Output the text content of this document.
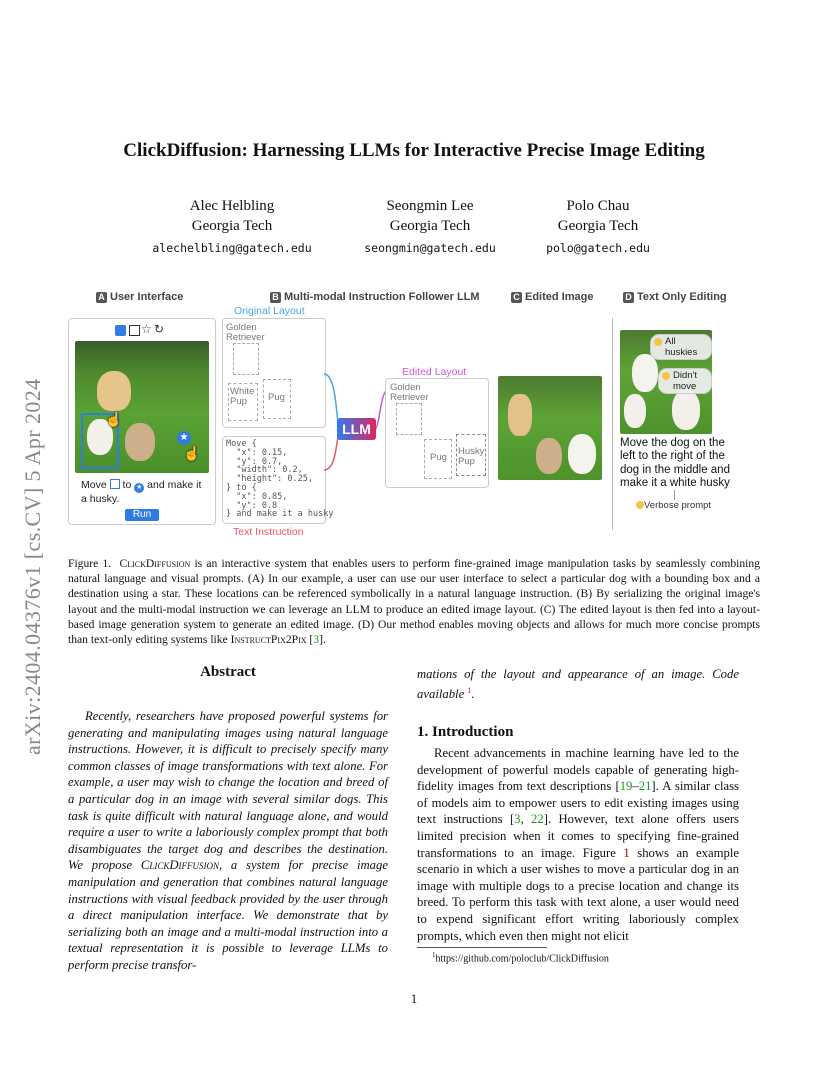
arXiv:2404.04376v1 [cs.CV] 5 Apr 2024
ClickDiffusion: Harnessing LLMs for Interactive Precise Image Editing
Alec Helbling
Georgia Tech
alechelbling@gatech.edu
Seongmin Lee
Georgia Tech
seongmin@gatech.edu
Polo Chau
Georgia Tech
polo@gatech.edu
A User Interface	B Multi-modal Instruction Follower LLM	C Edited Image	D Text Only Editing
☆ ↻
★
☝
☝
Move to ★ and make it a husky.
Run
Original Layout
Golden Retriever
White Pup	Pug
Move {
"x": 0.15,
"y": 0.7,
"width": 0.2,
"height": 0.25,
} to {
"x": 0.85,
"y": 0.8
} and make it a husky
Text Instruction
LLM
Edited Layout
Golden Retriever
Pug
Husky Pup
All huskies
Didn't move
Move the dog on the left to the right of the dog in the middle and make it a white husky
Verbose prompt
Figure 1. ClickDiffusion is an interactive system that enables users to perform fine-grained image manipulation tasks by seamlessly combining natural language and visual prompts. (A) In our example, a user can use our user interface to select a particular dog with a bounding box and a destination using a star. These locations can be referenced symbolically in a natural language instruction. (B) By serializing the original image's layout and the multi-modal instruction we can leverage an LLM to produce an edited image layout. (C) The edited layout is then fed into a layout-based image generation system to generate an edited image. (D) Our method enables moving objects and allows for much more concise prompts than text-only editing systems like InstructPix2Pix [3].
Abstract
Recently, researchers have proposed powerful systems for generating and manipulating images using natural language instructions. However, it is difficult to precisely specify many common classes of image transformations with text alone. For example, a user may wish to change the location and breed of a particular dog in an image with several similar dogs. This task is quite difficult with natural language alone, and would require a user to write a laboriously complex prompt that both disambiguates the target dog and describes the destination. We propose ClickDiffusion, a system for precise image manipulation and generation that combines natural language instructions with visual feedback provided by the user through a direct manipulation interface. We demonstrate that by serializing both an image and a multi-modal instruction into a textual representation it is possible to leverage LLMs to perform precise transfor-
mations of the layout and appearance of an image. Code available $^1$.
1. Introduction
Recent advancements in machine learning have led to the development of powerful models capable of generating high-fidelity images from text descriptions [19–21]. A similar class of models aim to empower users to edit existing images using text instructions [3, 22]. However, text alone offers users limited precision when it comes to specifying fine-grained transformations to an image. Figure 1 shows an example scenario in which a user wishes to move a particular dog in an image with multiple dogs to a precise location and change its breed. To perform this task with text alone, a user would need to expend significant effort writing laboriously complex prompts, which even then might not elicit
$^1$https://github.com/poloclub/ClickDiffusion
1
